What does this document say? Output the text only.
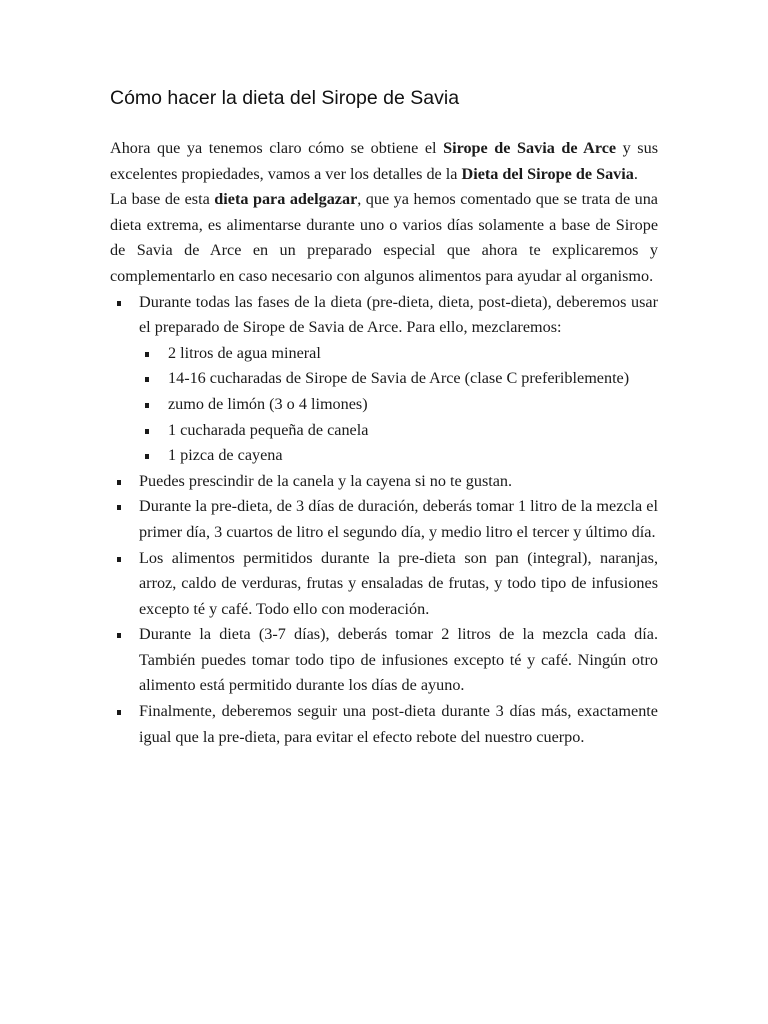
Cómo hacer la dieta del Sirope de Savia

Ahora que ya tenemos claro cómo se obtiene el Sirope de Savia de Arce y sus excelentes propiedades, vamos a ver los detalles de la Dieta del Sirope de Savia.

La base de esta dieta para adelgazar, que ya hemos comentado que se trata de una dieta extrema, es alimentarse durante uno o varios días solamente a base de Sirope de Savia de Arce en un preparado especial que ahora te explicaremos y complementarlo en caso necesario con algunos alimentos para ayudar al organismo.

Durante todas las fases de la dieta (pre-dieta, dieta, post-dieta), deberemos usar el preparado de Sirope de Savia de Arce. Para ello, mezclaremos:
2 litros de agua mineral
14-16 cucharadas de Sirope de Savia de Arce (clase C preferiblemente)
zumo de limón (3 o 4 limones)
1 cucharada pequeña de canela
1 pizca de cayena
Puedes prescindir de la canela y la cayena si no te gustan.
Durante la pre-dieta, de 3 días de duración, deberás tomar 1 litro de la mezcla el primer día, 3 cuartos de litro el segundo día, y medio litro el tercer y último día.
Los alimentos permitidos durante la pre-dieta son pan (integral), naranjas, arroz, caldo de verduras, frutas y ensaladas de frutas, y todo tipo de infusiones excepto té y café. Todo ello con moderación.
Durante la dieta (3-7 días), deberás tomar 2 litros de la mezcla cada día. También puedes tomar todo tipo de infusiones excepto té y café. Ningún otro alimento está permitido durante los días de ayuno.
Finalmente, deberemos seguir una post-dieta durante 3 días más, exactamente igual que la pre-dieta, para evitar el efecto rebote del nuestro cuerpo.
